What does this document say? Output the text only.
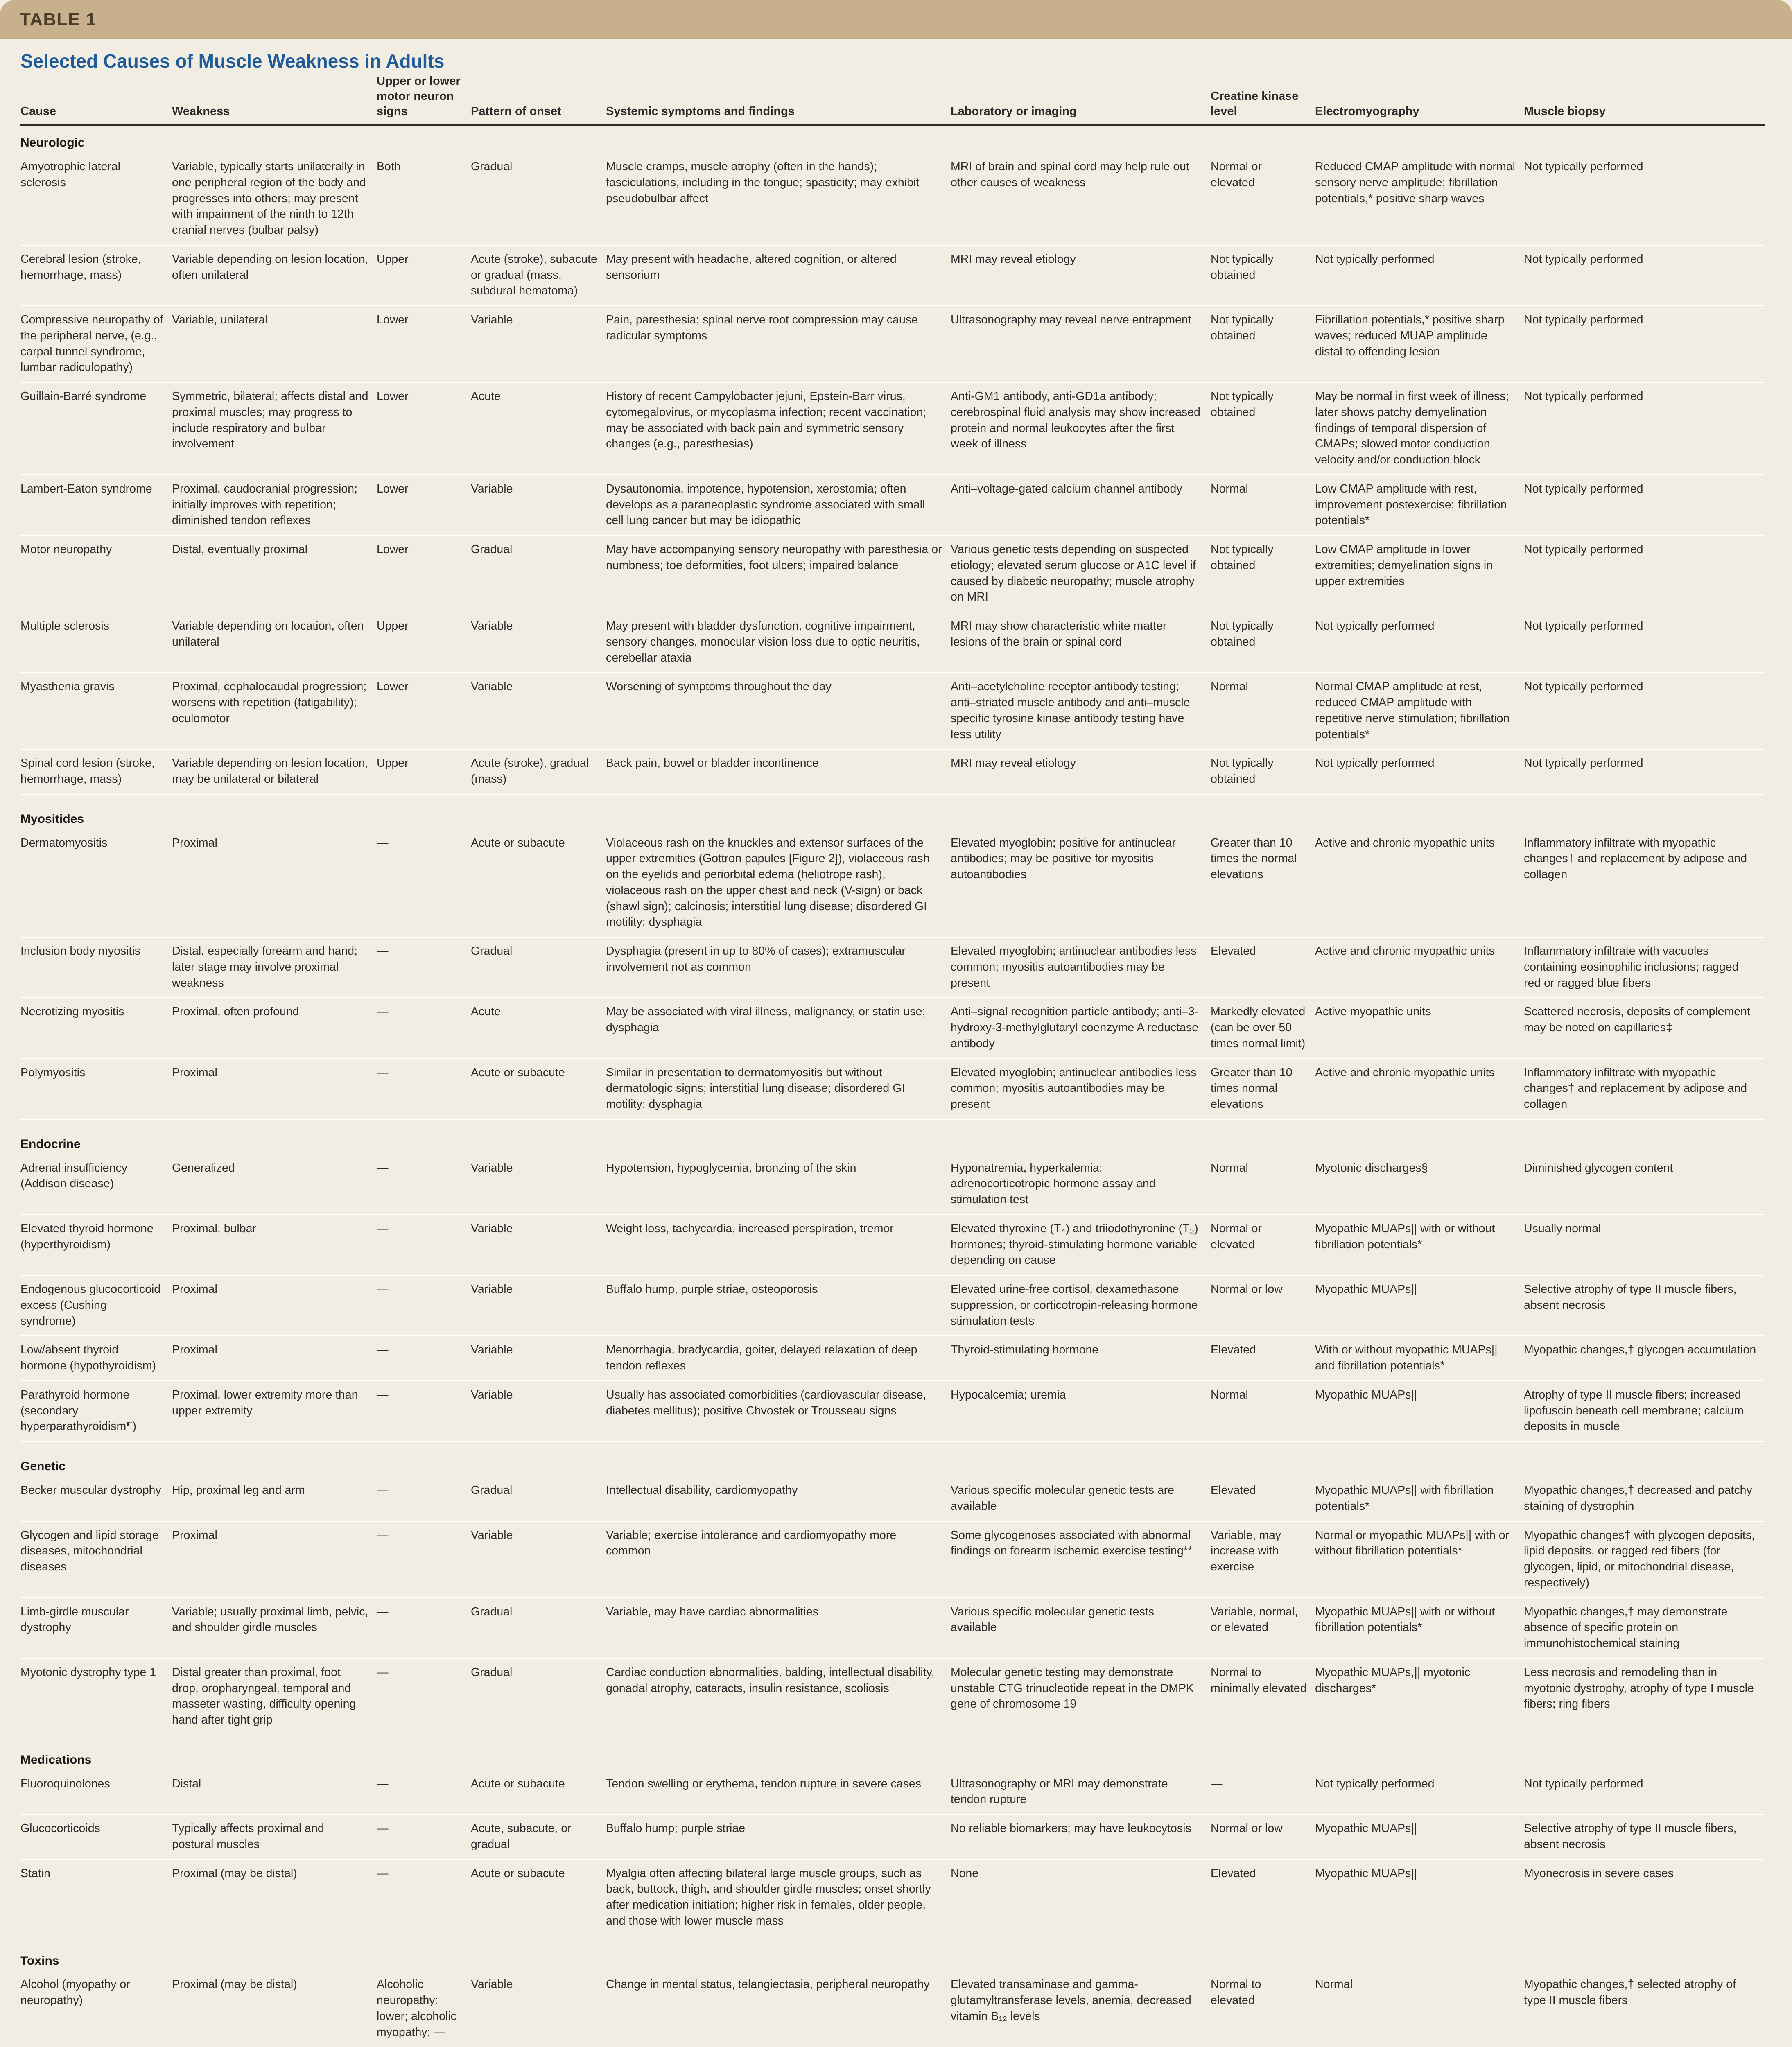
TABLE 1
Selected Causes of Muscle Weakness in Adults
Cause	Weakness	Upper or lower motor neuron signs	Pattern of onset	Systemic symptoms and findings	Laboratory or imaging	Creatine kinase level	Electromyography	Muscle biopsy
Neurologic								
Amyotrophic lateral sclerosis	Variable, typically starts unilaterally in one peripheral region of the body and progresses into others; may present with impairment of the ninth to 12th cranial nerves (bulbar palsy)	Both	Gradual	Muscle cramps, muscle atrophy (often in the hands); fasciculations, including in the tongue; spasticity; may exhibit pseudobulbar affect	MRI of brain and spinal cord may help rule out other causes of weakness	Normal or elevated	Reduced CMAP amplitude with normal sensory nerve amplitude; fibrillation potentials,* positive sharp waves	Not typically performed
Cerebral lesion (stroke, hemorrhage, mass)	Variable depending on lesion location, often unilateral	Upper	Acute (stroke), subacute or gradual (mass, subdural hematoma)	May present with headache, altered cognition, or altered sensorium	MRI may reveal etiology	Not typically obtained	Not typically performed	Not typically performed
Compressive neuropathy of the peripheral nerve, (e.g., carpal tunnel syndrome, lumbar radiculopathy)	Variable, unilateral	Lower	Variable	Pain, paresthesia; spinal nerve root compression may cause radicular symptoms	Ultrasonography may reveal nerve entrapment	Not typically obtained	Fibrillation potentials,* positive sharp waves; reduced MUAP amplitude distal to offending lesion	Not typically performed
Guillain-Barré syndrome	Symmetric, bilateral; affects distal and proximal muscles; may progress to include respiratory and bulbar involvement	Lower	Acute	History of recent Campylobacter jejuni, Epstein-Barr virus, cytomegalovirus, or mycoplasma infection; recent vaccination; may be associated with back pain and symmetric sensory changes (e.g., paresthesias)	Anti-GM1 antibody, anti-GD1a antibody; cerebrospinal fluid analysis may show increased protein and normal leukocytes after the first week of illness	Not typically obtained	May be normal in first week of illness; later shows patchy demyelination findings of temporal dispersion of CMAPs; slowed motor conduction velocity and/or conduction block	Not typically performed
Lambert-Eaton syndrome	Proximal, caudocranial progression; initially improves with repetition; diminished tendon reflexes	Lower	Variable	Dysautonomia, impotence, hypotension, xerostomia; often develops as a paraneoplastic syndrome associated with small cell lung cancer but may be idiopathic	Anti–voltage-gated calcium channel antibody	Normal	Low CMAP amplitude with rest, improvement postexercise; fibrillation potentials*	Not typically performed
Motor neuropathy	Distal, eventually proximal	Lower	Gradual	May have accompanying sensory neuropathy with paresthesia or numbness; toe deformities, foot ulcers; impaired balance	Various genetic tests depending on suspected etiology; elevated serum glucose or A1C level if caused by diabetic neuropathy; muscle atrophy on MRI	Not typically obtained	Low CMAP amplitude in lower extremities; demyelination signs in upper extremities	Not typically performed
Multiple sclerosis	Variable depending on location, often unilateral	Upper	Variable	May present with bladder dysfunction, cognitive impairment, sensory changes, monocular vision loss due to optic neuritis, cerebellar ataxia	MRI may show characteristic white matter lesions of the brain or spinal cord	Not typically obtained	Not typically performed	Not typically performed
Myasthenia gravis	Proximal, cephalocaudal progression; worsens with repetition (fatigability); oculomotor	Lower	Variable	Worsening of symptoms throughout the day	Anti–acetylcholine receptor antibody testing; anti–striated muscle antibody and anti–muscle specific tyrosine kinase antibody testing have less utility	Normal	Normal CMAP amplitude at rest, reduced CMAP amplitude with repetitive nerve stimulation; fibrillation potentials*	Not typically performed
Spinal cord lesion (stroke, hemorrhage, mass)	Variable depending on lesion location, may be unilateral or bilateral	Upper	Acute (stroke), gradual (mass)	Back pain, bowel or bladder incontinence	MRI may reveal etiology	Not typically obtained	Not typically performed	Not typically performed
Myositides								
Dermatomyositis	Proximal	—	Acute or subacute	Violaceous rash on the knuckles and extensor surfaces of the upper extremities (Gottron papules [Figure 2]), violaceous rash on the eyelids and periorbital edema (heliotrope rash), violaceous rash on the upper chest and neck (V-sign) or back (shawl sign); calcinosis; interstitial lung disease; disordered GI motility; dysphagia	Elevated myoglobin; positive for antinuclear antibodies; may be positive for myositis autoantibodies	Greater than 10 times the normal elevations	Active and chronic myopathic units	Inflammatory infiltrate with myopathic changes† and replacement by adipose and collagen
Inclusion body myositis	Distal, especially forearm and hand; later stage may involve proximal weakness	—	Gradual	Dysphagia (present in up to 80% of cases); extramuscular involvement not as common	Elevated myoglobin; antinuclear antibodies less common; myositis autoantibodies may be present	Elevated	Active and chronic myopathic units	Inflammatory infiltrate with vacuoles containing eosinophilic inclusions; ragged red or ragged blue fibers
Necrotizing myositis	Proximal, often profound	—	Acute	May be associated with viral illness, malignancy, or statin use; dysphagia	Anti–signal recognition particle antibody; anti–3-hydroxy-3-methylglutaryl coenzyme A reductase antibody	Markedly elevated (can be over 50 times normal limit)	Active myopathic units	Scattered necrosis, deposits of complement may be noted on capillaries‡
Polymyositis	Proximal	—	Acute or subacute	Similar in presentation to dermatomyositis but without dermatologic signs; interstitial lung disease; disordered GI motility; dysphagia	Elevated myoglobin; antinuclear antibodies less common; myositis autoantibodies may be present	Greater than 10 times normal elevations	Active and chronic myopathic units	Inflammatory infiltrate with myopathic changes† and replacement by adipose and collagen
Endocrine								
Adrenal insufficiency (Addison disease)	Generalized	—	Variable	Hypotension, hypoglycemia, bronzing of the skin	Hyponatremia, hyperkalemia; adrenocorticotropic hormone assay and stimulation test	Normal	Myotonic discharges§	Diminished glycogen content
Elevated thyroid hormone (hyperthyroidism)	Proximal, bulbar	—	Variable	Weight loss, tachycardia, increased perspiration, tremor	Elevated thyroxine (T₄) and triiodothyronine (T₃) hormones; thyroid-stimulating hormone variable depending on cause	Normal or elevated	Myopathic MUAPs|| with or without fibrillation potentials*	Usually normal
Endogenous glucocorticoid excess (Cushing syndrome)	Proximal	—	Variable	Buffalo hump, purple striae, osteoporosis	Elevated urine-free cortisol, dexamethasone suppression, or corticotropin-releasing hormone stimulation tests	Normal or low	Myopathic MUAPs||	Selective atrophy of type II muscle fibers, absent necrosis
Low/absent thyroid hormone (hypothyroidism)	Proximal	—	Variable	Menorrhagia, bradycardia, goiter, delayed relaxation of deep tendon reflexes	Thyroid-stimulating hormone	Elevated	With or without myopathic MUAPs|| and fibrillation potentials*	Myopathic changes,† glycogen accumulation
Parathyroid hormone (secondary hyperparathyroidism¶)	Proximal, lower extremity more than upper extremity	—	Variable	Usually has associated comorbidities (cardiovascular disease, diabetes mellitus); positive Chvostek or Trousseau signs	Hypocalcemia; uremia	Normal	Myopathic MUAPs||	Atrophy of type II muscle fibers; increased lipofuscin beneath cell membrane; calcium deposits in muscle
Genetic								
Becker muscular dystrophy	Hip, proximal leg and arm	—	Gradual	Intellectual disability, cardiomyopathy	Various specific molecular genetic tests are available	Elevated	Myopathic MUAPs|| with fibrillation potentials*	Myopathic changes,† decreased and patchy staining of dystrophin
Glycogen and lipid storage diseases, mitochondrial diseases	Proximal	—	Variable	Variable; exercise intolerance and cardiomyopathy more common	Some glycogenoses associated with abnormal findings on forearm ischemic exercise testing**	Variable, may increase with exercise	Normal or myopathic MUAPs|| with or without fibrillation potentials*	Myopathic changes† with glycogen deposits, lipid deposits, or ragged red fibers (for glycogen, lipid, or mitochondrial disease, respectively)
Limb-girdle muscular dystrophy	Variable; usually proximal limb, pelvic, and shoulder girdle muscles	—	Gradual	Variable, may have cardiac abnormalities	Various specific molecular genetic tests available	Variable, normal, or elevated	Myopathic MUAPs|| with or without fibrillation potentials*	Myopathic changes,† may demonstrate absence of specific protein on immunohistochemical staining
Myotonic dystrophy type 1	Distal greater than proximal, foot drop, oropharyngeal, temporal and masseter wasting, difficulty opening hand after tight grip	—	Gradual	Cardiac conduction abnormalities, balding, intellectual disability, gonadal atrophy, cataracts, insulin resistance, scoliosis	Molecular genetic testing may demonstrate unstable CTG trinucleotide repeat in the DMPK gene of chromosome 19	Normal to minimally elevated	Myopathic MUAPs,|| myotonic discharges*	Less necrosis and remodeling than in myotonic dystrophy, atrophy of type I muscle fibers; ring fibers
Medications								
Fluoroquinolones	Distal	—	Acute or subacute	Tendon swelling or erythema, tendon rupture in severe cases	Ultrasonography or MRI may demonstrate tendon rupture	—	Not typically performed	Not typically performed
Glucocorticoids	Typically affects proximal and postural muscles	—	Acute, subacute, or gradual	Buffalo hump; purple striae	No reliable biomarkers; may have leukocytosis	Normal or low	Myopathic MUAPs||	Selective atrophy of type II muscle fibers, absent necrosis
Statin	Proximal (may be distal)	—	Acute or subacute	Myalgia often affecting bilateral large muscle groups, such as back, buttock, thigh, and shoulder girdle muscles; onset shortly after medication initiation; higher risk in females, older people, and those with lower muscle mass	None	Elevated	Myopathic MUAPs||	Myonecrosis in severe cases
Toxins								
Alcohol (myopathy or neuropathy)	Proximal (may be distal)	Alcoholic neuropathy: lower; alcoholic myopathy: —	Variable	Change in mental status, telangiectasia, peripheral neuropathy	Elevated transaminase and gamma-glutamyltransferase levels, anemia, decreased vitamin B₁₂ levels	Normal to elevated	Normal	Myopathic changes,† selected atrophy of type II muscle fibers
